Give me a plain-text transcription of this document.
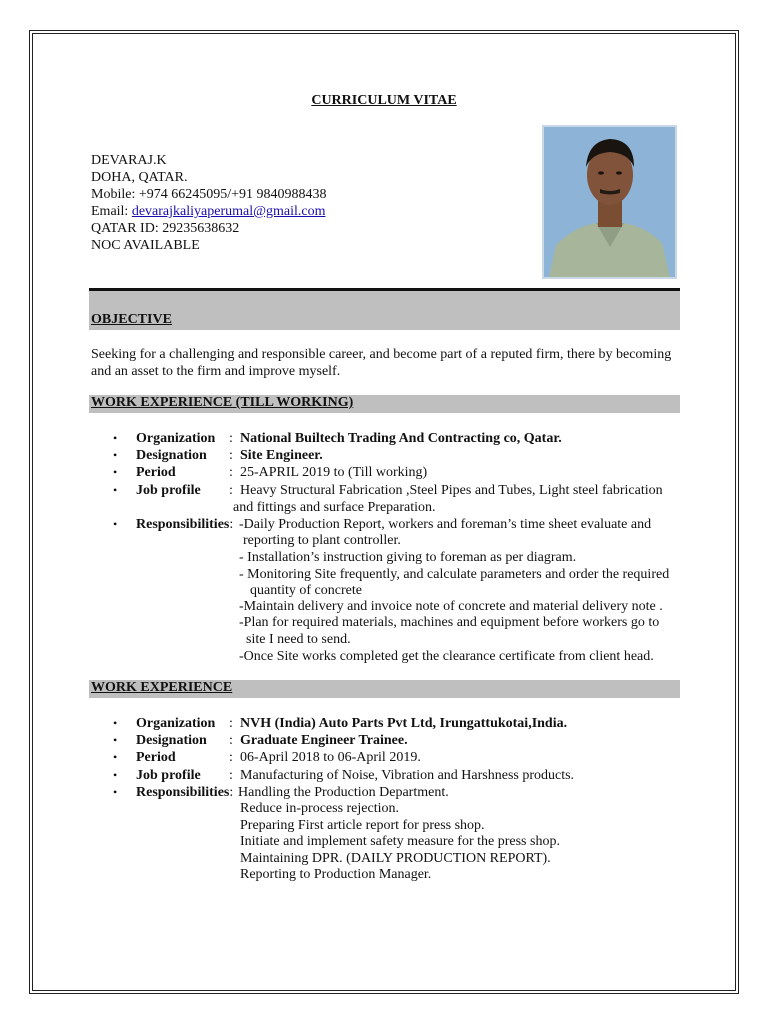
CURRICULUM VITAE
DEVARAJ.K
DOHA, QATAR.
Mobile: +974 66245095/+91 9840988438
Email: devarajkaliyaperumal@gmail.com
QATAR ID: 29235638632
NOC AVAILABLE
OBJECTIVE
Seeking for a challenging and responsible career, and become part of a reputed firm, there by becoming and an asset to the firm and improve myself.
WORK EXPERIENCE (TILL WORKING)
• Organization : National Builtech Trading And Contracting co, Qatar.
• Designation : Site Engineer.
• Period	: 25-APRIL 2019 to (Till working)
• Job profile : Heavy Structural Fabrication ,Steel Pipes and Tubes, Light steel fabrication
and fittings and surface Preparation.
• Responsibilities: -Daily Production Report, workers and foreman’s time sheet evaluate and
reporting to plant controller.
- Installation’s instruction giving to foreman as per diagram.
- Monitoring Site frequently, and calculate parameters and order the required
quantity of concrete
-Maintain delivery and invoice note of concrete and material delivery note .
-Plan for required materials, machines and equipment before workers go to
site I need to send.
-Once Site works completed get the clearance certificate from client head.
WORK EXPERIENCE
• Organization : NVH (India) Auto Parts Pvt Ltd, Irungattukotai,India.
• Designation : Graduate Engineer Trainee.
• Period	: 06-April 2018 to 06-April 2019.
• Job profile : Manufacturing of Noise, Vibration and Harshness products.
• Responsibilities: Handling the Production Department.
Reduce in-process rejection.
Preparing First article report for press shop.
Initiate and implement safety measure for the press shop.
Maintaining DPR. (DAILY PRODUCTION REPORT).
Reporting to Production Manager.
